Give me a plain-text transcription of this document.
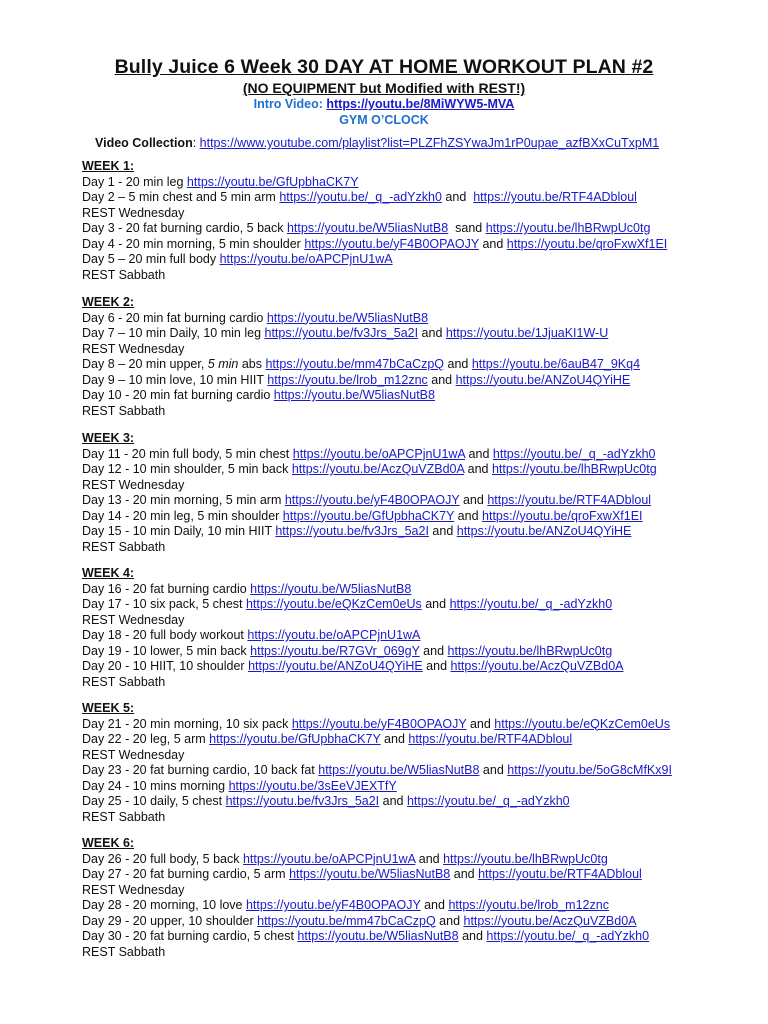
Bully Juice 6 Week 30 DAY AT HOME WORKOUT PLAN #2
(NO EQUIPMENT but Modified with REST!)
Intro Video: https://youtu.be/8MiWYW5-MVA
GYM O’CLOCK
Video Collection: https://www.youtube.com/playlist?list=PLZFhZSYwaJm1rP0upae_azfBXxCuTxpM1
WEEK 1:
Day 1 - 20 min leg https://youtu.be/GfUpbhaCK7Y
Day 2 – 5 min chest and 5 min arm https://youtu.be/_q_-adYzkh0 and  https://youtu.be/RTF4ADbloul
REST Wednesday
Day 3 - 20 fat burning cardio, 5 back https://youtu.be/W5liasNutB8  sand https://youtu.be/lhBRwpUc0tg
Day 4 - 20 min morning, 5 min shoulder https://youtu.be/yF4B0OPAOJY and https://youtu.be/qroFxwXf1EI
Day 5 – 20 min full body https://youtu.be/oAPCPjnU1wA
REST Sabbath
WEEK 2:
Day 6 - 20 min fat burning cardio https://youtu.be/W5liasNutB8
Day 7 – 10 min Daily, 10 min leg https://youtu.be/fv3Jrs_5a2I and https://youtu.be/1JjuaKI1W-U
REST Wednesday
Day 8 – 20 min upper, 5 min abs https://youtu.be/mm47bCaCzpQ and https://youtu.be/6auB47_9Kq4
Day 9 – 10 min love, 10 min HIIT https://youtu.be/lrob_m12znc and https://youtu.be/ANZoU4QYiHE
Day 10 - 20 min fat burning cardio https://youtu.be/W5liasNutB8
REST Sabbath
WEEK 3:
Day 11 - 20 min full body, 5 min chest https://youtu.be/oAPCPjnU1wA and https://youtu.be/_q_-adYzkh0
Day 12 - 10 min shoulder, 5 min back https://youtu.be/AczQuVZBd0A and https://youtu.be/lhBRwpUc0tg
REST Wednesday
Day 13 - 20 min morning, 5 min arm https://youtu.be/yF4B0OPAOJY and https://youtu.be/RTF4ADbloul
Day 14 - 20 min leg, 5 min shoulder https://youtu.be/GfUpbhaCK7Y and https://youtu.be/qroFxwXf1EI
Day 15 - 10 min Daily, 10 min HIIT https://youtu.be/fv3Jrs_5a2I and https://youtu.be/ANZoU4QYiHE
REST Sabbath
WEEK 4:
Day 16 - 20 fat burning cardio https://youtu.be/W5liasNutB8
Day 17 - 10 six pack, 5 chest https://youtu.be/eQKzCem0eUs and https://youtu.be/_q_-adYzkh0
REST Wednesday
Day 18 - 20 full body workout https://youtu.be/oAPCPjnU1wA
Day 19 - 10 lower, 5 min back https://youtu.be/R7GVr_069gY and https://youtu.be/lhBRwpUc0tg
Day 20 - 10 HIIT, 10 shoulder https://youtu.be/ANZoU4QYiHE and https://youtu.be/AczQuVZBd0A
REST Sabbath
WEEK 5:
Day 21 - 20 min morning, 10 six pack https://youtu.be/yF4B0OPAOJY and https://youtu.be/eQKzCem0eUs
Day 22 - 20 leg, 5 arm https://youtu.be/GfUpbhaCK7Y and https://youtu.be/RTF4ADbloul
REST Wednesday
Day 23 - 20 fat burning cardio, 10 back fat https://youtu.be/W5liasNutB8 and https://youtu.be/5oG8cMfKx9I
Day 24 - 10 mins morning https://youtu.be/3sEeVJEXTfY
Day 25 - 10 daily, 5 chest https://youtu.be/fv3Jrs_5a2I and https://youtu.be/_q_-adYzkh0
REST Sabbath
WEEK 6:
Day 26 - 20 full body, 5 back https://youtu.be/oAPCPjnU1wA and https://youtu.be/lhBRwpUc0tg
Day 27 - 20 fat burning cardio, 5 arm https://youtu.be/W5liasNutB8 and https://youtu.be/RTF4ADbloul
REST Wednesday
Day 28 - 20 morning, 10 love https://youtu.be/yF4B0OPAOJY and https://youtu.be/lrob_m12znc
Day 29 - 20 upper, 10 shoulder https://youtu.be/mm47bCaCzpQ and https://youtu.be/AczQuVZBd0A
Day 30 - 20 fat burning cardio, 5 chest https://youtu.be/W5liasNutB8 and https://youtu.be/_q_-adYzkh0
REST Sabbath
